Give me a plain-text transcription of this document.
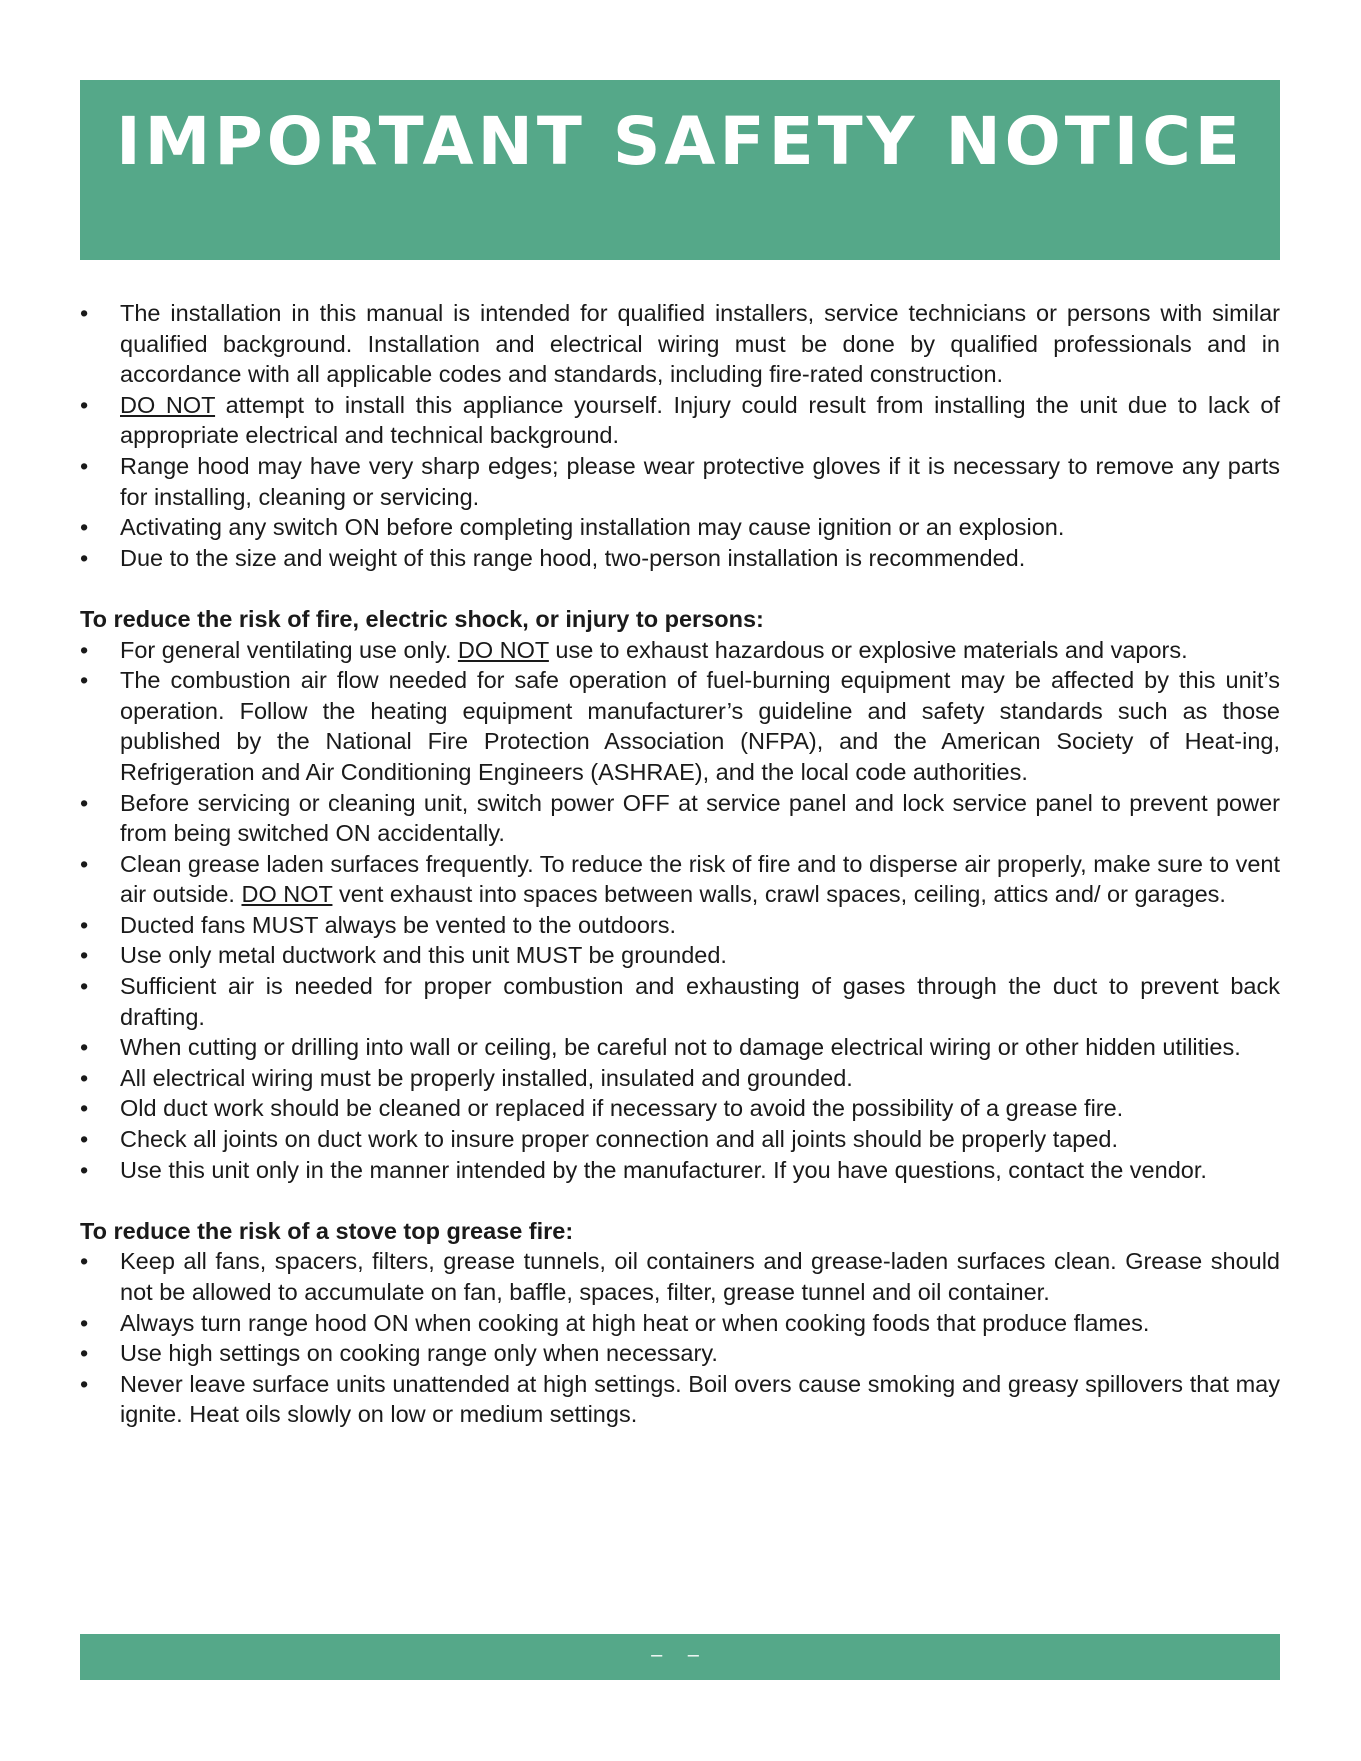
IMPORTANT SAFETY NOTICE
• The installation in this manual is intended for qualified installers, service technicians or persons with similar qualified background. Installation and electrical wiring must be done by qualified professionals and in accordance with all applicable codes and standards, including fire-rated construction.
• DO NOT attempt to install this appliance yourself. Injury could result from installing the unit due to lack of appropriate electrical and technical background.
• Range hood may have very sharp edges; please wear protective gloves if it is necessary to remove any parts for installing, cleaning or servicing.
• Activating any switch ON before completing installation may cause ignition or an explosion.
• Due to the size and weight of this range hood, two-person installation is recommended.
To reduce the risk of fire, electric shock, or injury to persons:
• For general ventilating use only. DO NOT use to exhaust hazardous or explosive materials and vapors.
• The combustion air flow needed for safe operation of fuel-burning equipment may be affected by this unit’s operation. Follow the heating equipment manufacturer’s guideline and safety standards such as those published by the National Fire Protection Association (NFPA), and the American Society of Heat-ing, Refrigeration and Air Conditioning Engineers (ASHRAE), and the local code authorities.
• Before servicing or cleaning unit, switch power OFF at service panel and lock service panel to prevent power from being switched ON accidentally.
• Clean grease laden surfaces frequently. To reduce the risk of fire and to disperse air properly, make sure to vent air outside. DO NOT vent exhaust into spaces between walls, crawl spaces, ceiling, attics and/ or garages.
• Ducted fans MUST always be vented to the outdoors.
• Use only metal ductwork and this unit MUST be grounded.
• Sufficient air is needed for proper combustion and exhausting of gases through the duct to prevent back drafting.
• When cutting or drilling into wall or ceiling, be careful not to damage electrical wiring or other hidden utilities.
• All electrical wiring must be properly installed, insulated and grounded.
• Old duct work should be cleaned or replaced if necessary to avoid the possibility of a grease fire.
• Check all joints on duct work to insure proper connection and all joints should be properly taped.
• Use this unit only in the manner intended by the manufacturer. If you have questions, contact the vendor.
To reduce the risk of a stove top grease fire:
• Keep all fans, spacers, filters, grease tunnels, oil containers and grease-laden surfaces clean. Grease should not be allowed to accumulate on fan, baffle, spaces, filter, grease tunnel and oil container.
• Always turn range hood ON when cooking at high heat or when cooking foods that produce flames.
• Use high settings on cooking range only when necessary.
• Never leave surface units unattended at high settings. Boil overs cause smoking and greasy spillovers that may ignite. Heat oils slowly on low or medium settings.
– –
